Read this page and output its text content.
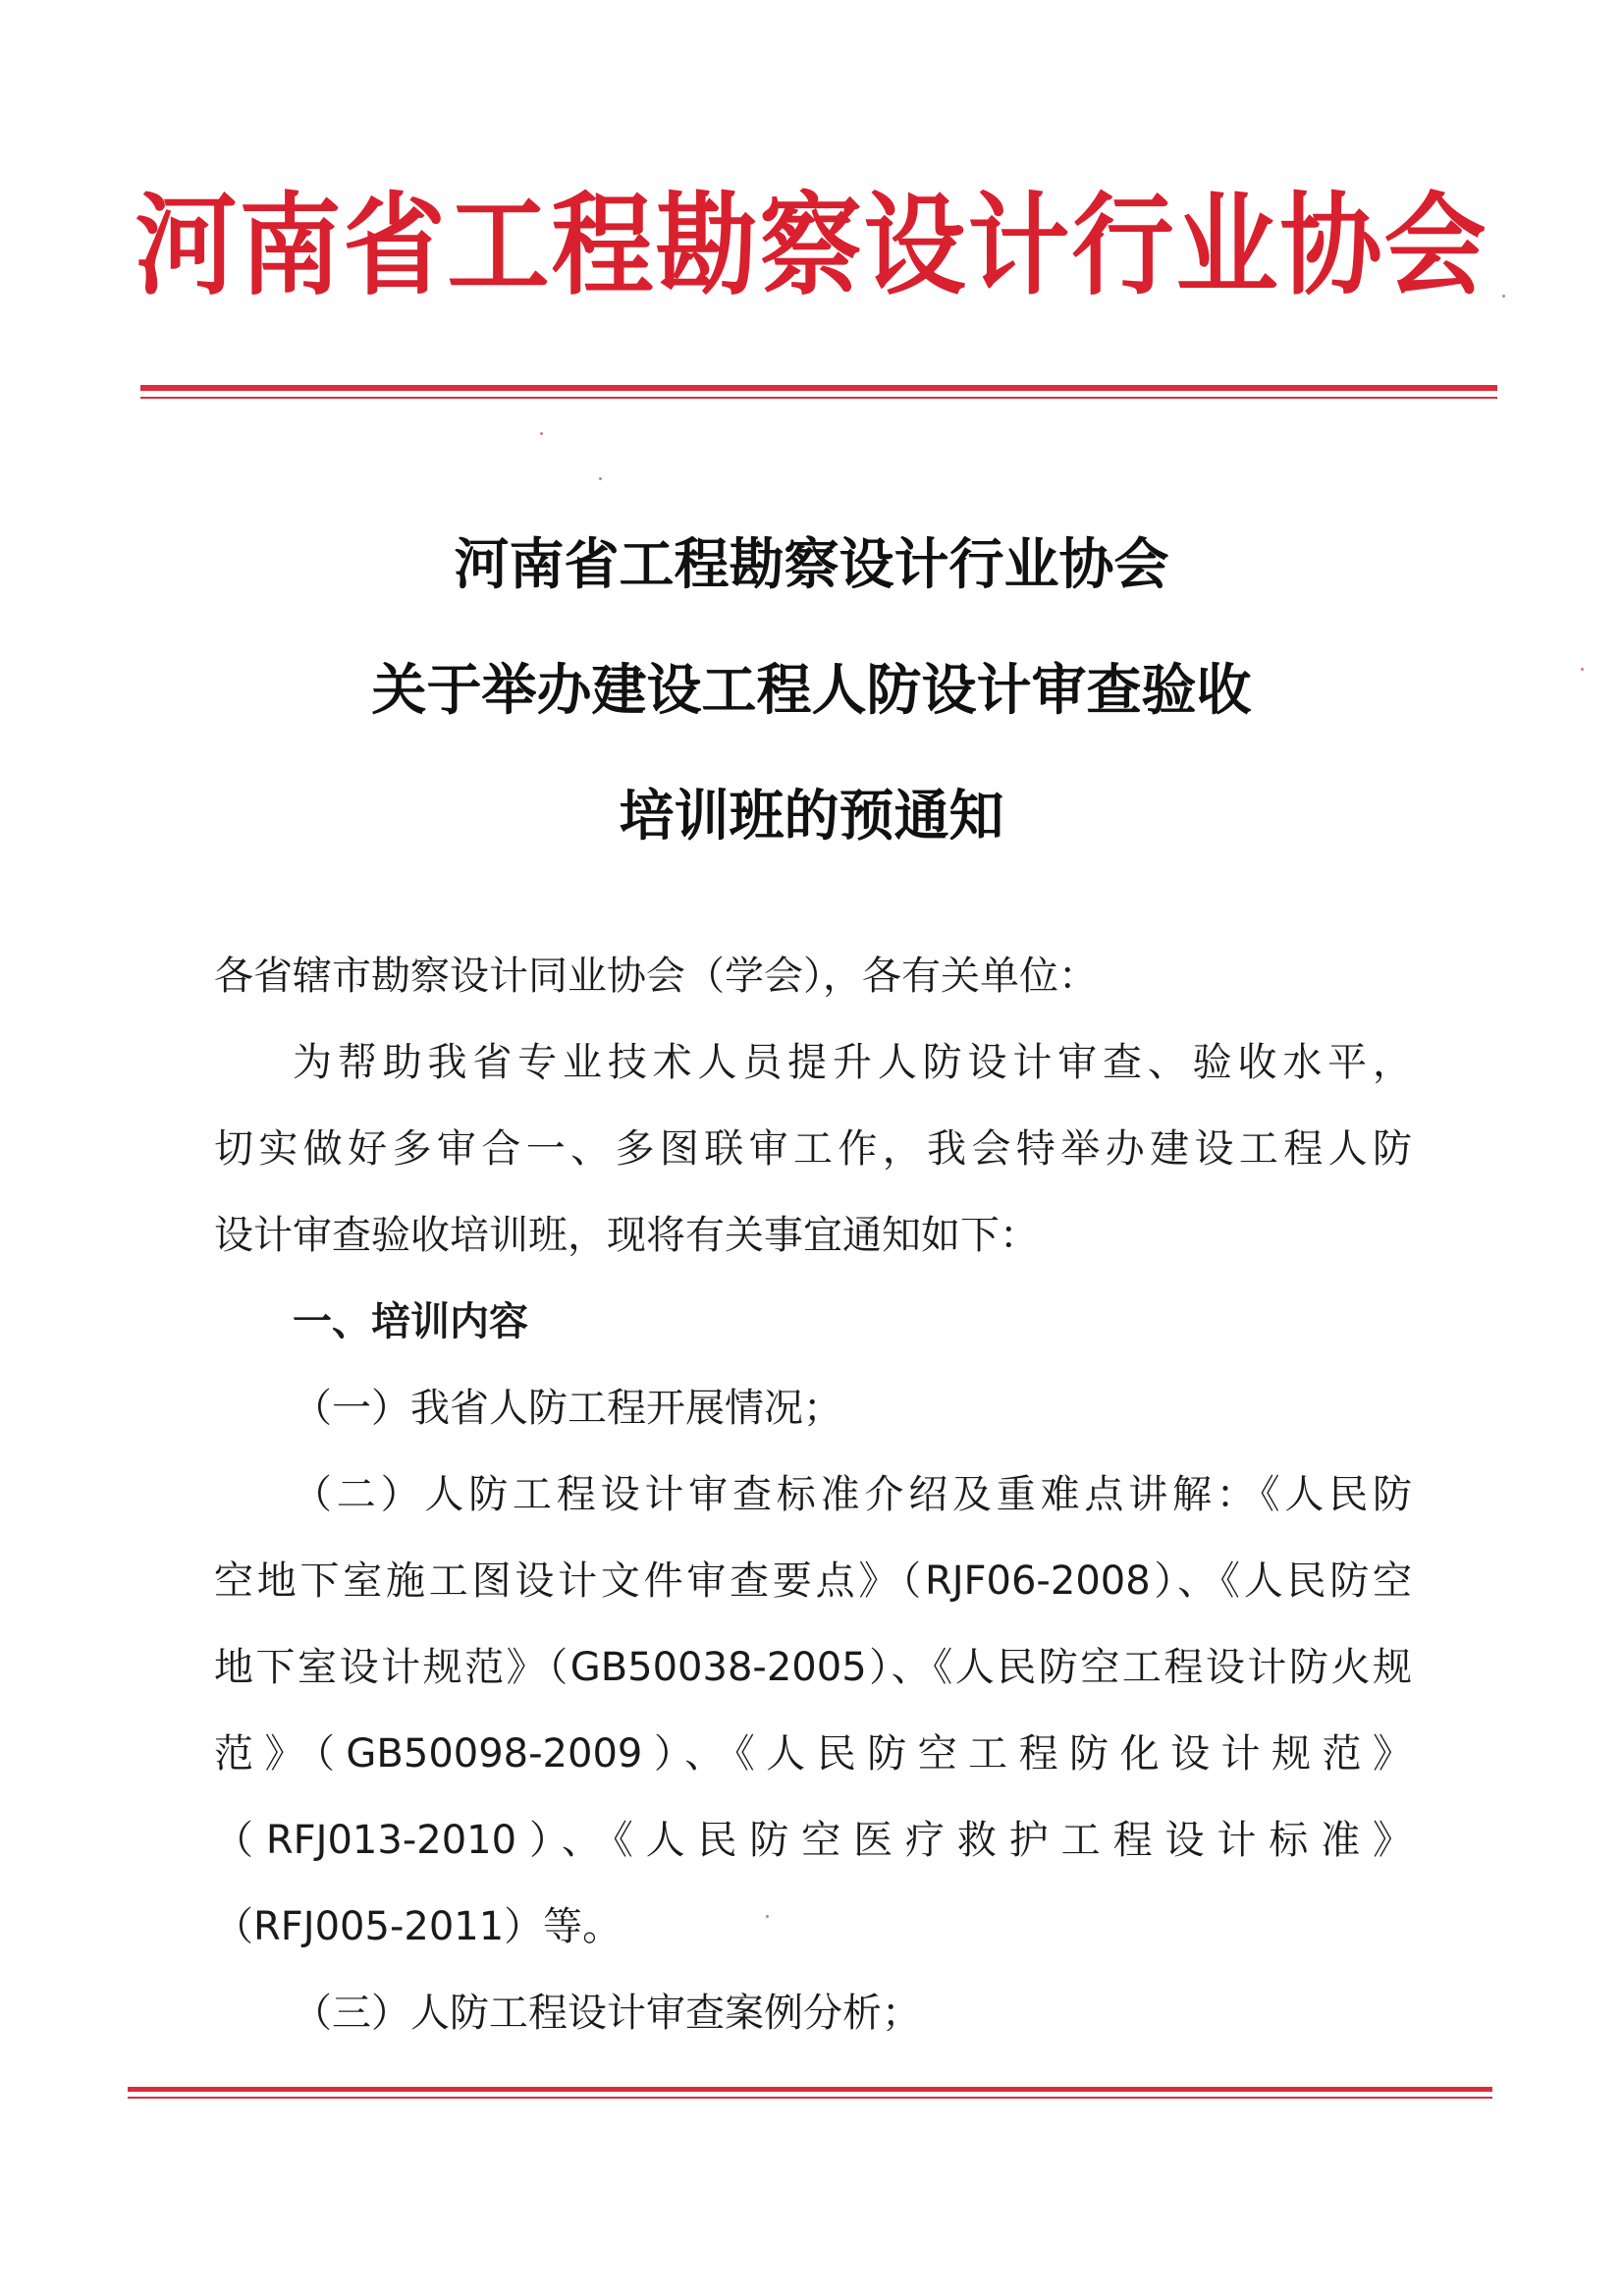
河南省工程勘察设计行业协会
河南省工程勘察设计行业协会
关于举办建设工程人防设计审查验收
培训班的预通知
各省辖市勘察设计同业协会（学会），各有关单位：
为帮助我省专业技术人员提升人防设计审查、验收水平，
切实做好多审合一、多图联审工作，我会特举办建设工程人防
设计审查验收培训班，现将有关事宜通知如下：
一、培训内容
（一）我省人防工程开展情况；
（二）人防工程设计审查标准介绍及重难点讲解：《人民防
空地下室施工图设计文件审查要点》（RJF06-2008）、《人民防空
地下室设计规范》（GB50038-2005）、《人民防空工程设计防火规
范》（GB50098-2009）、《人民防空工程防化设计规范》
（RFJ013-2010）、《人民防空医疗救护工程设计标准》
（RFJ005-2011）等。
（三）人防工程设计审查案例分析；
